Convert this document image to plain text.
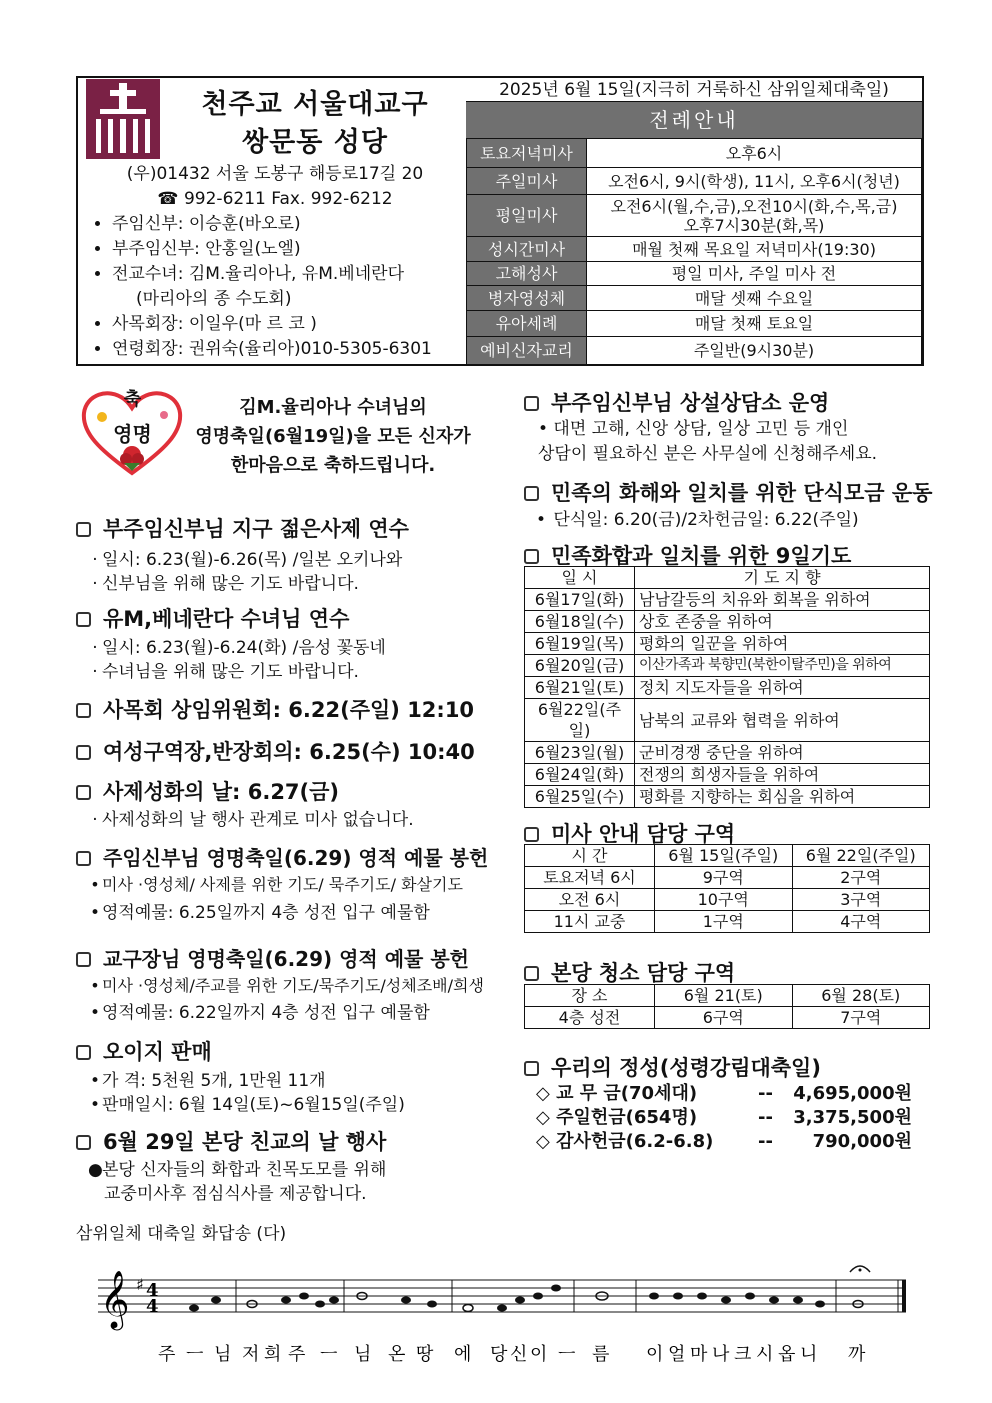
천주교 서울대교구
쌍문동 성당
(우)01432 서울 도봉구 해등로17길 20
☎ 992-6211 Fax. 992-6212
• 주임신부: 이승훈(바오로)
• 부주임신부: 안홍일(노엘)
• 전교수녀: 김M.율리아나, 유M.베네란다
(마리아의 종 수도회)
• 사목회장: 이일우(마 르 코 )
• 연령회장: 권위숙(율리아)010-5305-6301
2025년 6월 15일(지극히 거룩하신 삼위일체대축일)
전례안내
토요저녁미사	오후6시
주일미사	오전6시, 9시(학생), 11시, 오후6시(청년)
평일미사	오전6시(월,수,금),오전10시(화,수,목,금)
오후7시30분(화,목)

성시간미사	매월 첫째 목요일 저녁미사(19:30)
고해성사	평일 미사, 주일 미사 전
병자영성체	매달 셋째 수요일
유아세례	매달 첫째 토요일
예비신자교리	주일반(9시30분)
축
영명
김M.율리아나 수녀님의
영명축일(6월19일)을 모든 신자가
한마음으로 축하드립니다.
부주임신부님 지구 젊은사제 연수
· 일시: 6.23(월)-6.26(목) /일본 오키나와
· 신부님을 위해 많은 기도 바랍니다.
유M,베네란다 수녀님 연수
· 일시: 6.23(월)-6.24(화) /음성 꽃동네
· 수녀님을 위해 많은 기도 바랍니다.
사목회 상임위원회: 6.22(주일) 12:10
여성구역장,반장회의: 6.25(수) 10:40
사제성화의 날: 6.27(금)
· 사제성화의 날 행사 관계로 미사 없습니다.
주임신부님 영명축일(6.29) 영적 예물 봉헌
• 미사 ·영성체/ 사제를 위한 기도/ 묵주기도/ 화살기도
• 영적예물: 6.25일까지 4층 성전 입구 예물함
교구장님 영명축일(6.29) 영적 예물 봉헌
• 미사 ·영성체/주교를 위한 기도/묵주기도/성체조배/희생
• 영적예물: 6.22일까지 4층 성전 입구 예물함
오이지 판매
• 가 격: 5천원 5개, 1만원 11개
• 판매일시: 6월 14일(토)~6월15일(주일)
6월 29일 본당 친교의 날 행사
●본당 신자들의 화합과 친목도모를 위해
교중미사후 점심식사를 제공합니다.
부주임신부님 상설상담소 운영
• 대면 고해, 신앙 상담, 일상 고민 등 개인
상담이 필요하신 분은 사무실에 신청해주세요.
민족의 화해와 일치를 위한 단식모금 운동
• 단식일: 6.20(금)/2차헌금일: 6.22(주일)
민족화합과 일치를 위한 9일기도
일 시	기 도 지 향
6월17일(화)	남남갈등의 치유와 회복을 위하여
6월18일(수)	상호 존중을 위하여
6월19일(목)	평화의 일꾼을 위하여
6월20일(금)	이산가족과 북향민(북한이탈주민)을 위하여
6월21일(토)	정치 지도자들을 위하여
6월22일(주일)	남북의 교류와 협력을 위하여
6월23일(월)	군비경쟁 중단을 위하여
6월24일(화)	전쟁의 희생자들을 위하여
6월25일(수)	평화를 지향하는 회심을 위하여
미사 안내 담당 구역
시 간	6월 15일(주일)	6월 22일(주일)
토요저녁 6시	9구역	2구역
오전 6시	10구역	3구역
11시 교중	1구역	4구역
본당 청소 담당 구역
장 소	6월 21(토)	6월 28(토)
4층 성전	6구역	7구역
우리의 정성(성령강림대축일)
◇ 교 무 금(70세대)	-- 4,695,000원
◇ 주일헌금(654명)	-- 3,375,500원
◇ 감사헌금(6.2-6.8) -- 790,000원
삼위일체 대축일 화답송 (다)
𝄞 ♯ 4
4
주 ㅡ 님 저 희 주 ㅡ 님 온 땅 에 당 신 이 ㅡ 름 이 얼 마 나 크 시 옵 니 까
